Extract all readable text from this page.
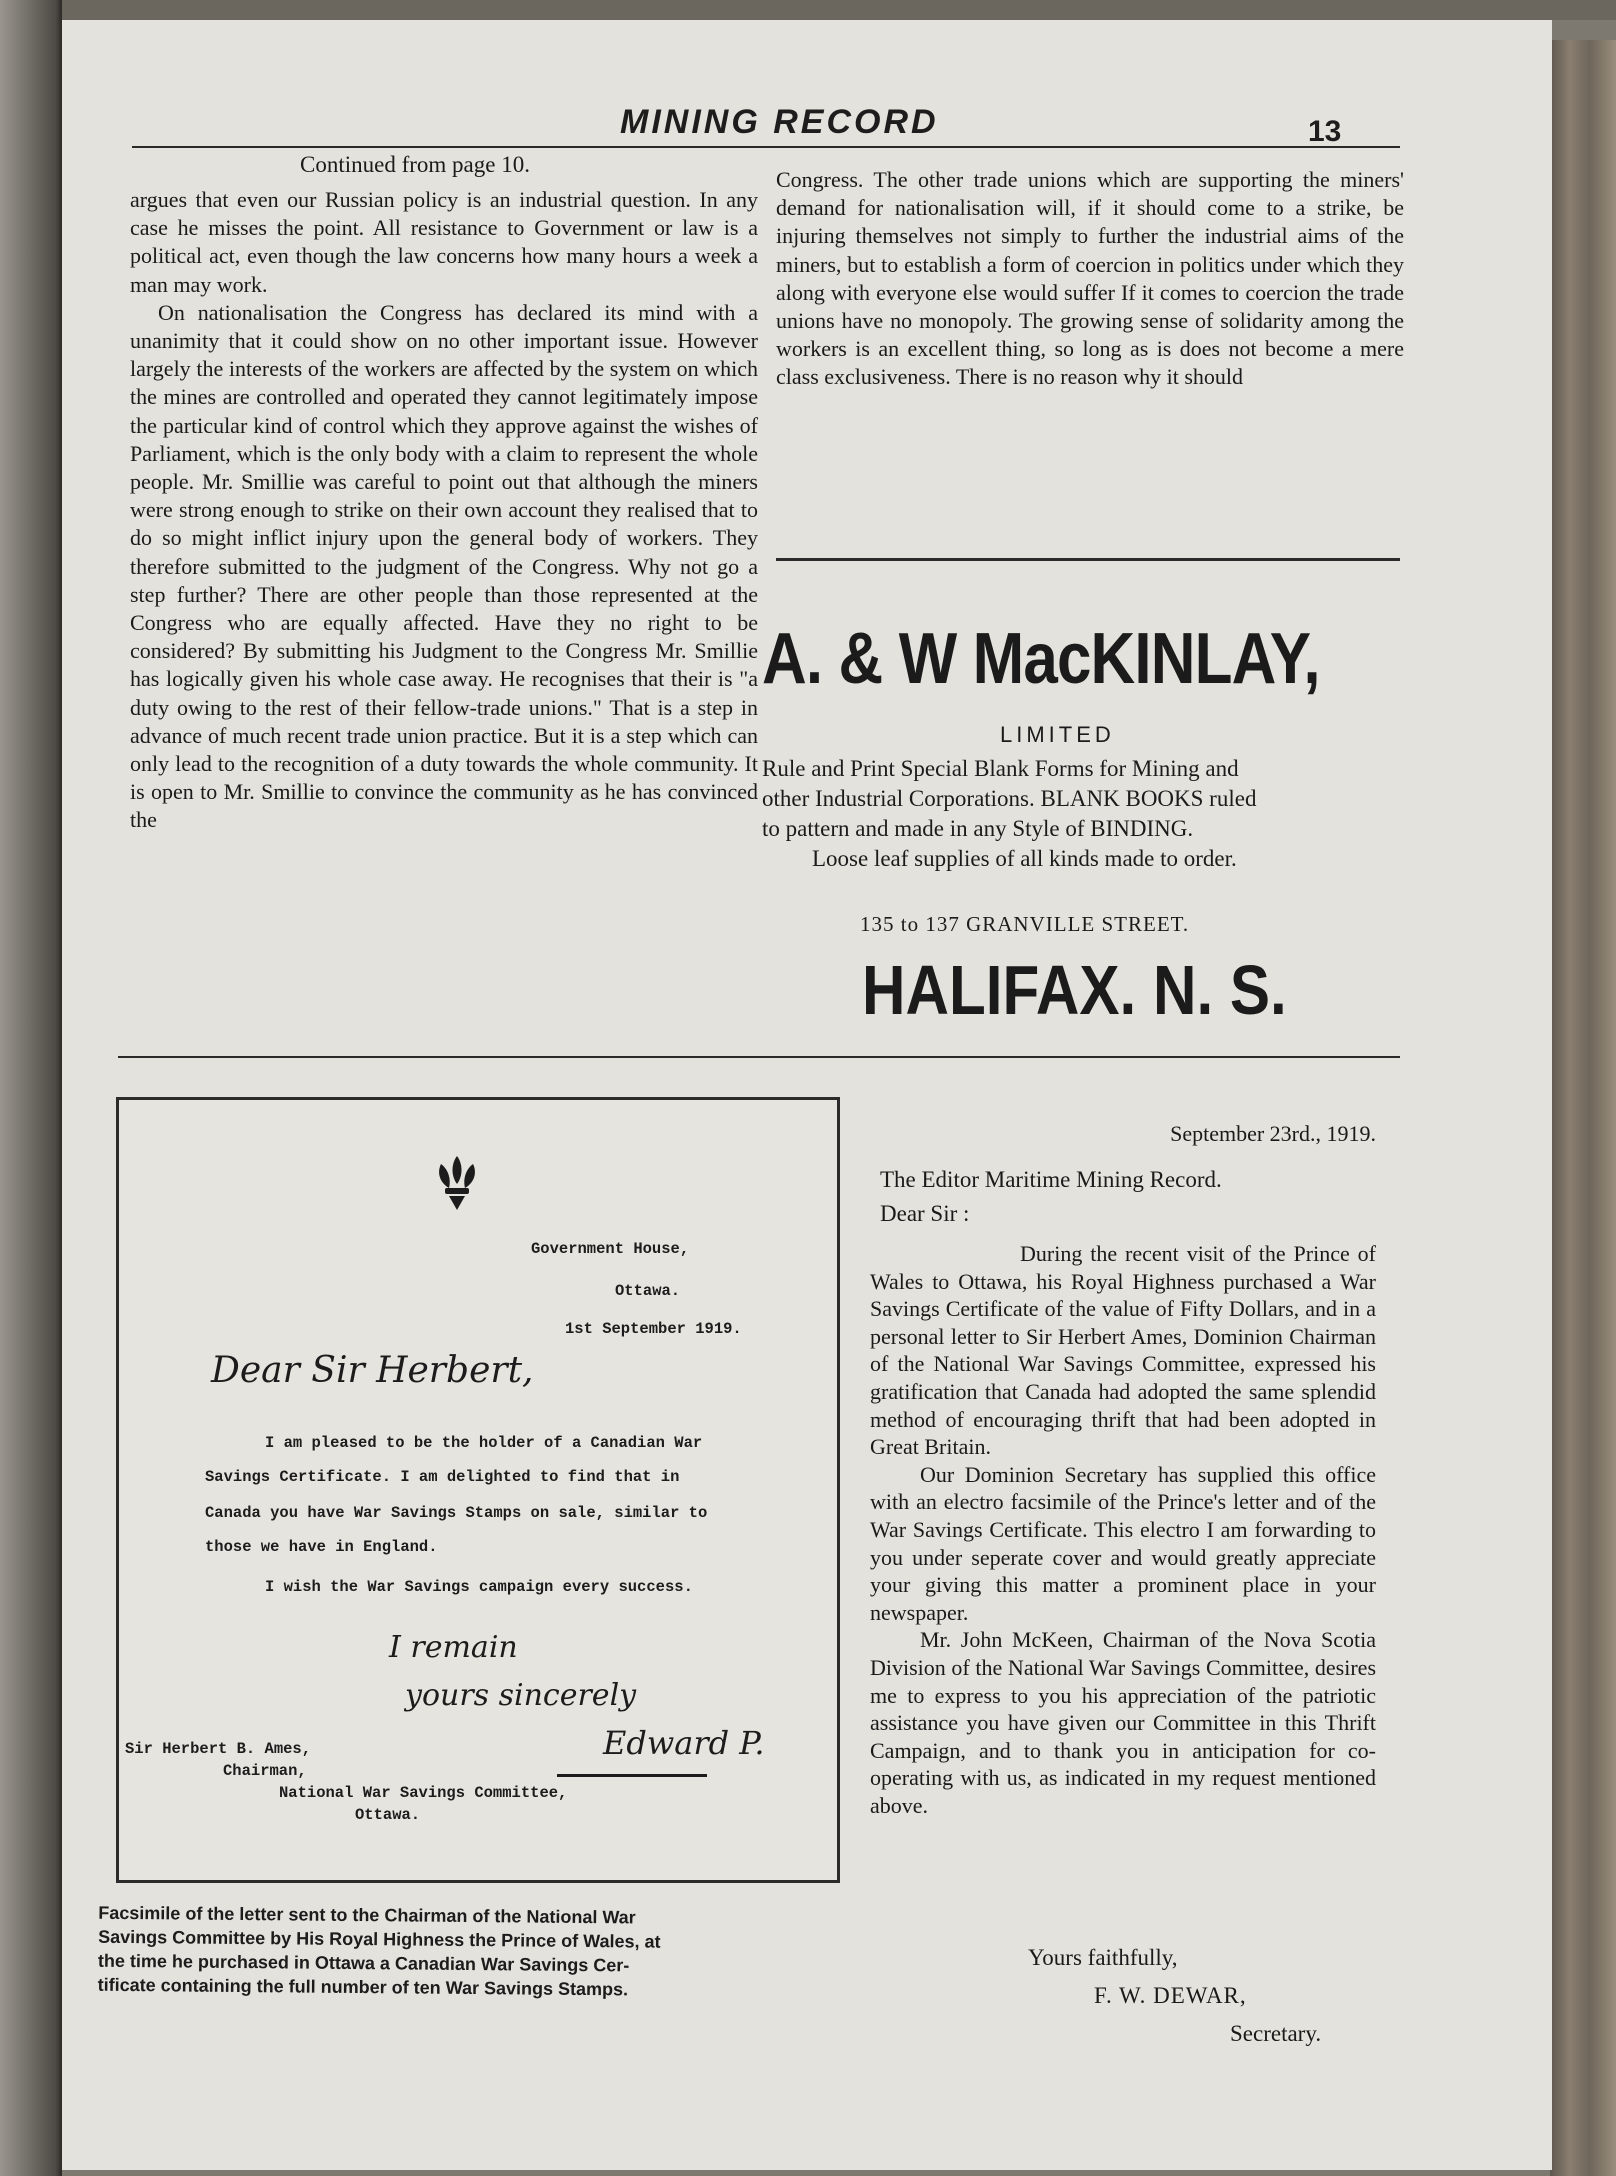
MINING RECORD	13
Continued from page 10.

argues that even our Russian policy is an industrial question. In any case he misses the point. All resistance to Government or law is a political act, even though the law concerns how many hours a week a man may work.

On nationalisation the Congress has declared its mind with a unanimity that it could show on no other important issue. However largely the interests of the workers are affected by the system on which the mines are controlled and operated they cannot legitimately impose the particular kind of control which they approve against the wishes of Parliament, which is the only body with a claim to represent the whole people. Mr. Smillie was careful to point out that although the miners were strong enough to strike on their own account they realised that to do so might inflict injury upon the general body of workers. They therefore submitted to the judgment of the Congress. Why not go a step further? There are other people than those represented at the Congress who are equally affected. Have they no right to be considered? By submitting his Judgment to the Congress Mr. Smillie has logically given his whole case away. He recognises that their is "a duty owing to the rest of their fellow-trade unions." That is a step in advance of much recent trade union practice. But it is a step which can only lead to the recognition of a duty towards the whole community. It is open to Mr. Smillie to convince the community as he has convinced the

Congress. The other trade unions which are supporting the miners' demand for nationalisation will, if it should come to a strike, be injuring themselves not simply to further the industrial aims of the miners, but to establish a form of coercion in politics under which they along with everyone else would suffer If it comes to coercion the trade unions have no monopoly. The growing sense of solidarity among the workers is an excellent thing, so long as is does not become a mere class exclusiveness. There is no reason why it should

A. & W MacKINLAY,
LIMITED

Rule and Print Special Blank Forms for Mining and

other Industrial Corporations. BLANK BOOKS ruled

to pattern and made in any Style of BINDING.

Loose leaf supplies of all kinds made to order.

135 to 137 GRANVILLE STREET.
HALIFAX. N. S.
Government House,
Ottawa.
1st September 1919.
Dear Sir Herbert,
I am pleased to be the holder of a Canadian War
Savings Certificate. I am delighted to find that in
Canada you have War Savings Stamps on sale, similar to
those we have in England.
I wish the War Savings campaign every success.
I remain
yours sincerely
Edward P.
Sir Herbert B. Ames,
Chairman,
National War Savings Committee,
Ottawa.

Facsimile of the letter sent to the Chairman of the National War

Savings Committee by His Royal Highness the Prince of Wales, at

the time he purchased in Ottawa a Canadian War Savings Cer-

tificate containing the full number of ten War Savings Stamps.

September 23rd., 1919.
The Editor Maritime Mining Record.
Dear Sir :

During the recent visit of the Prince of Wales to Ottawa, his Royal Highness purchased a War Savings Certificate of the value of Fifty Dollars, and in a personal letter to Sir Herbert Ames, Dominion Chairman of the National War Savings Committee, expressed his gratification that Canada had adopted the same splendid method of encouraging thrift that had been adopted in Great Britain.

Our Dominion Secretary has supplied this office with an electro facsimile of the Prince's letter and of the War Savings Certificate. This electro I am forwarding to you under seperate cover and would greatly appreciate your giving this matter a prominent place in your newspaper.

Mr. John McKeen, Chairman of the Nova Scotia Division of the National War Savings Committee, desires me to express to you his appreciation of the patriotic assistance you have given our Committee in this Thrift Campaign, and to thank you in anticipation for co-operating with us, as indicated in my request mentioned above.

Yours faithfully,
F. W. DEWAR,
Secretary.
